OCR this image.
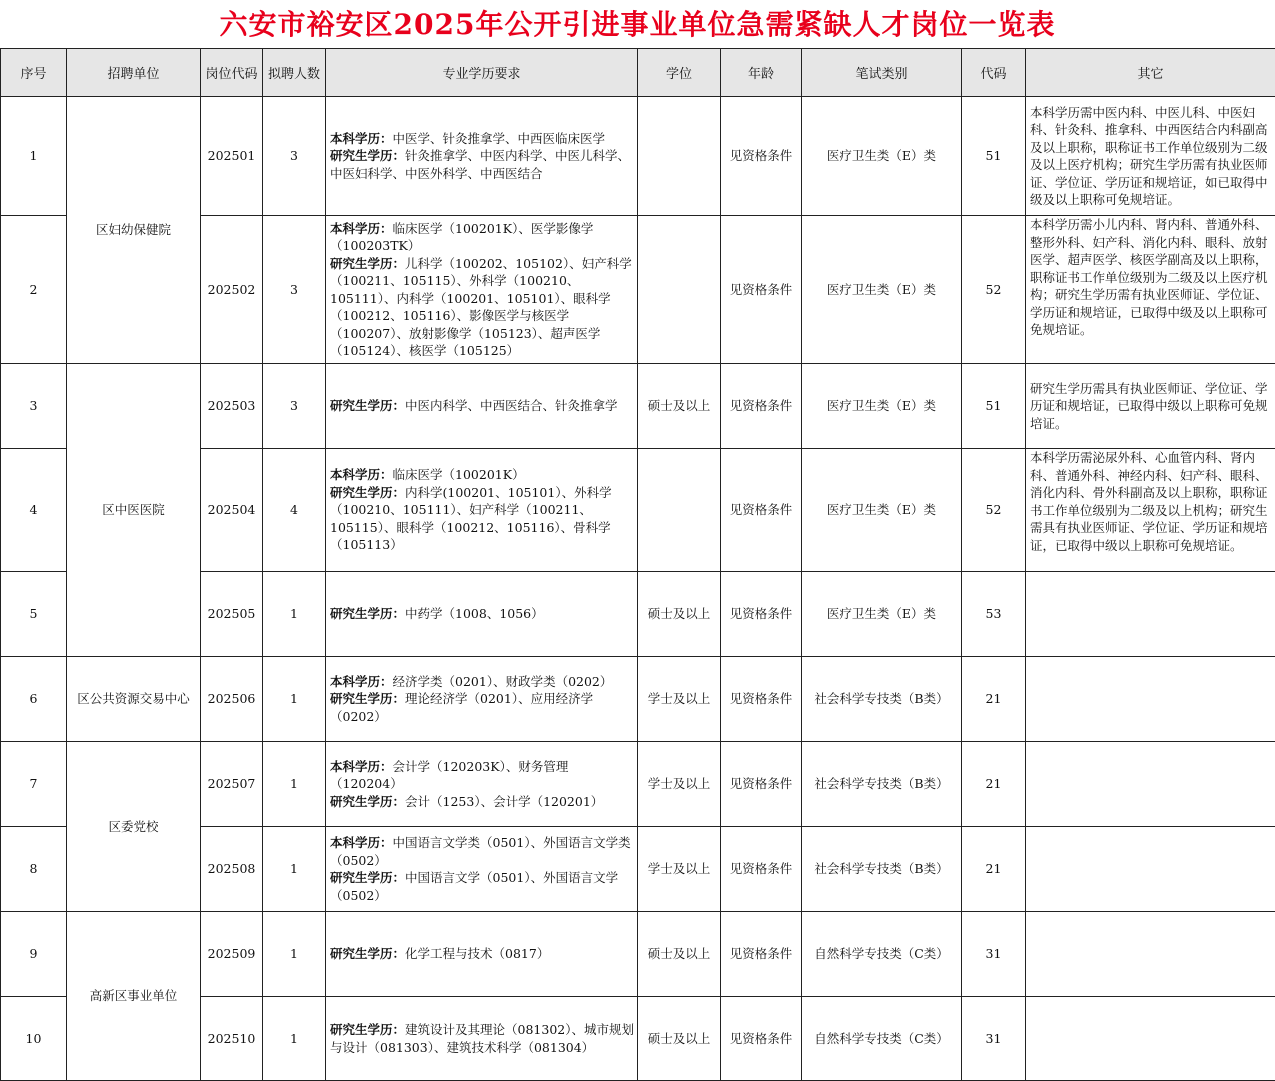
六安市裕安区2025年公开引进事业单位急需紧缺人才岗位一览表
序号	招聘单位	岗位代码	拟聘人数	专业学历要求	学位	年龄	笔试类别	代码	其它
1	区妇幼保健院	202501	3	本科学历：中医学、针灸推拿学、中西医临床医学
研究生学历：针灸推拿学、中医内科学、中医儿科学、中医妇科学、中医外科学、中西医结合		见资格条件	医疗卫生类（E）类	51	本科学历需中医内科、中医儿科、中医妇科、针灸科、推拿科、中西医结合内科副高及以上职称，职称证书工作单位级别为二级及以上医疗机构；研究生学历需有执业医师证、学位证、学历证和规培证，如已取得中级及以上职称可免规培证。
2		202502	3	本科学历：临床医学（100201K）、医学影像学（100203TK）
研究生学历：儿科学（100202、105102）、妇产科学（100211、105115）、外科学（100210、105111）、内科学（100201、105101）、眼科学（100212、105116）、影像医学与核医学（100207）、放射影像学（105123）、超声医学（105124）、核医学（105125）		见资格条件	医疗卫生类（E）类	52	本科学历需小儿内科、肾内科、普通外科、整形外科、妇产科、消化内科、眼科、放射医学、超声医学、核医学副高及以上职称，职称证书工作单位级别为二级及以上医疗机构；研究生学历需有执业医师证、学位证、学历证和规培证，已取得中级及以上职称可免规培证。
3	区中医医院	202503	3	研究生学历：中医内科学、中西医结合、针灸推拿学	硕士及以上	见资格条件	医疗卫生类（E）类	51	研究生学历需具有执业医师证、学位证、学历证和规培证，已取得中级以上职称可免规培证。
4		202504	4	本科学历：临床医学（100201K）
研究生学历：内科学(100201、105101）、外科学（100210、105111）、妇产科学（100211、105115）、眼科学（100212、105116）、骨科学（105113）		见资格条件	医疗卫生类（E）类	52	本科学历需泌尿外科、心血管内科、肾内科、普通外科、神经内科、妇产科、眼科、消化内科、骨外科副高及以上职称，职称证书工作单位级别为二级及以上机构；研究生需具有执业医师证、学位证、学历证和规培证，已取得中级以上职称可免规培证。
5		202505	1	研究生学历：中药学（1008、1056）	硕士及以上	见资格条件	医疗卫生类（E）类	53	
6	区公共资源交易中心	202506	1	本科学历：经济学类（0201）、财政学类（0202）
研究生学历：理论经济学（0201）、应用经济学（0202）	学士及以上	见资格条件	社会科学专技类（B类）	21	
7	区委党校	202507	1	本科学历：会计学（120203K）、财务管理（120204）
研究生学历：会计（1253）、会计学（120201）	学士及以上	见资格条件	社会科学专技类（B类）	21	
8		202508	1	本科学历：中国语言文学类（0501）、外国语言文学类（0502）
研究生学历：中国语言文学（0501）、外国语言文学（0502）	学士及以上	见资格条件	社会科学专技类（B类）	21	
9	高新区事业单位	202509	1	研究生学历：化学工程与技术（0817）	硕士及以上	见资格条件	自然科学专技类（C类）	31	
10		202510	1	研究生学历：建筑设计及其理论（081302）、城市规划与设计（081303）、建筑技术科学（081304）	硕士及以上	见资格条件	自然科学专技类（C类）	31	
